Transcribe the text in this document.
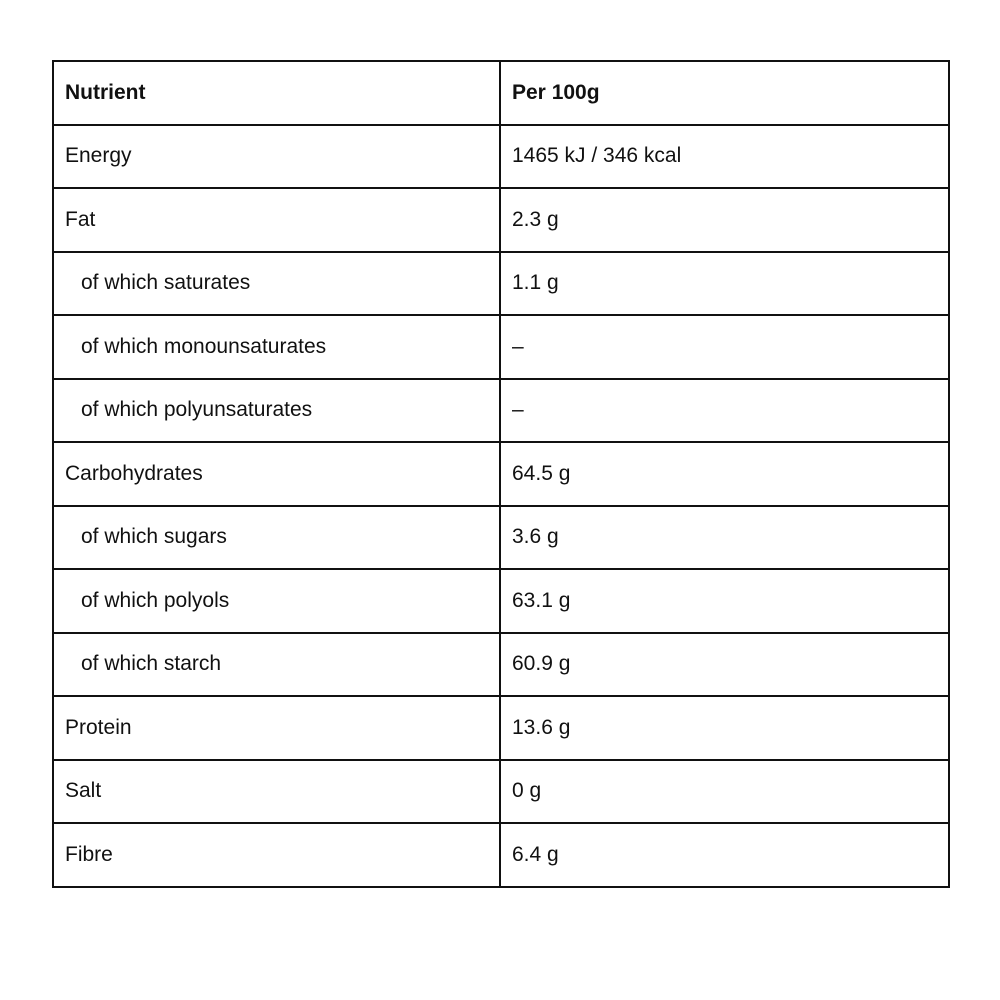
Nutrient	Per 100g
Energy	1465 kJ / 346 kcal
Fat	2.3 g
of which saturates	1.1 g
of which monounsaturates	–
of which polyunsaturates	–
Carbohydrates	64.5 g
of which sugars	3.6 g
of which polyols	63.1 g
of which starch	60.9 g
Protein	13.6 g
Salt	0 g
Fibre	6.4 g
